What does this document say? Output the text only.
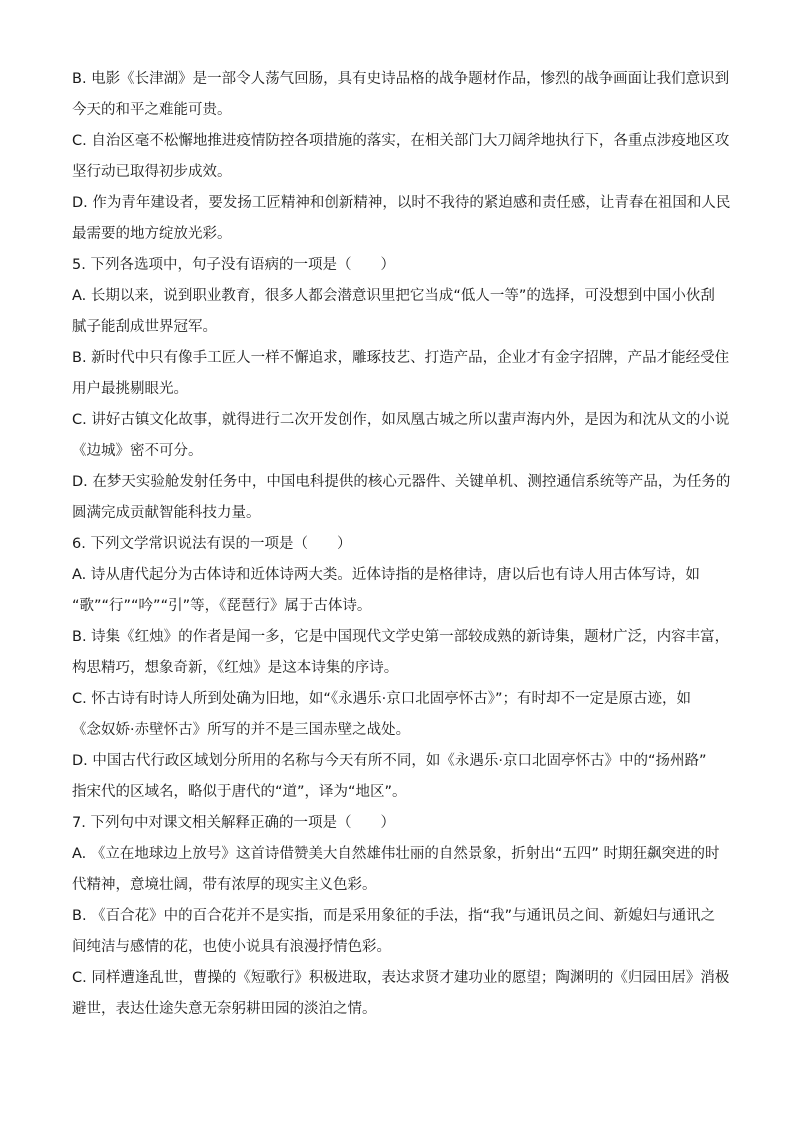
B. 电影《长津湖》是一部令人荡气回肠，具有史诗品格的战争题材作品，惨烈的战争画面让我们意识到
今天的和平之难能可贵。
C. 自治区毫不松懈地推进疫情防控各项措施的落实，在相关部门大刀阔斧地执行下，各重点涉疫地区攻
坚行动已取得初步成效。
D. 作为青年建设者，要发扬工匠精神和创新精神，以时不我待的紧迫感和责任感，让青春在祖国和人民
最需要的地方绽放光彩。
5. 下列各选项中，句子没有语病的一项是（　　）
A. 长期以来，说到职业教育，很多人都会潜意识里把它当成“低人一等”的选择，可没想到中国小伙刮
腻子能刮成世界冠军。
B. 新时代中只有像手工匠人一样不懈追求，雕琢技艺、打造产品，企业才有金字招牌，产品才能经受住
用户最挑剔眼光。
C. 讲好古镇文化故事，就得进行二次开发创作，如凤凰古城之所以蜚声海内外，是因为和沈从文的小说
《边城》密不可分。
D. 在梦天实验舱发射任务中，中国电科提供的核心元器件、关键单机、测控通信系统等产品，为任务的
圆满完成贡献智能科技力量。
6. 下列文学常识说法有误的一项是（　　）
A. 诗从唐代起分为古体诗和近体诗两大类。近体诗指的是格律诗，唐以后也有诗人用古体写诗，如
“歌”“行”“吟”“引”等，《琵琶行》属于古体诗。
B. 诗集《红烛》的作者是闻一多，它是中国现代文学史第一部较成熟的新诗集，题材广泛，内容丰富，
构思精巧，想象奇新，《红烛》是这本诗集的序诗。
C. 怀古诗有时诗人所到处确为旧地，如“《永遇乐·京口北固亭怀古》”；有时却不一定是原古迹，如
《念奴娇·赤壁怀古》所写的并不是三国赤壁之战处。
D. 中国古代行政区域划分所用的名称与今天有所不同，如《永遇乐·京口北固亭怀古》中的“扬州路”
指宋代的区域名，略似于唐代的“道”，译为“地区”。
7. 下列句中对课文相关解释正确的一项是（　　）
A. 《立在地球边上放号》这首诗借赞美大自然雄伟壮丽的自然景象，折射出“五四” 时期狂飙突进的时
代精神，意境壮阔，带有浓厚的现实主义色彩。
B. 《百合花》中的百合花并不是实指，而是采用象征的手法，指“我”与通讯员之间、新媳妇与通讯之
间纯洁与感情的花，也使小说具有浪漫抒情色彩。
C. 同样遭逢乱世，曹操的《短歌行》积极进取，表达求贤才建功业的愿望；陶渊明的《归园田居》消极
避世，表达仕途失意无奈躬耕田园的淡泊之情。
